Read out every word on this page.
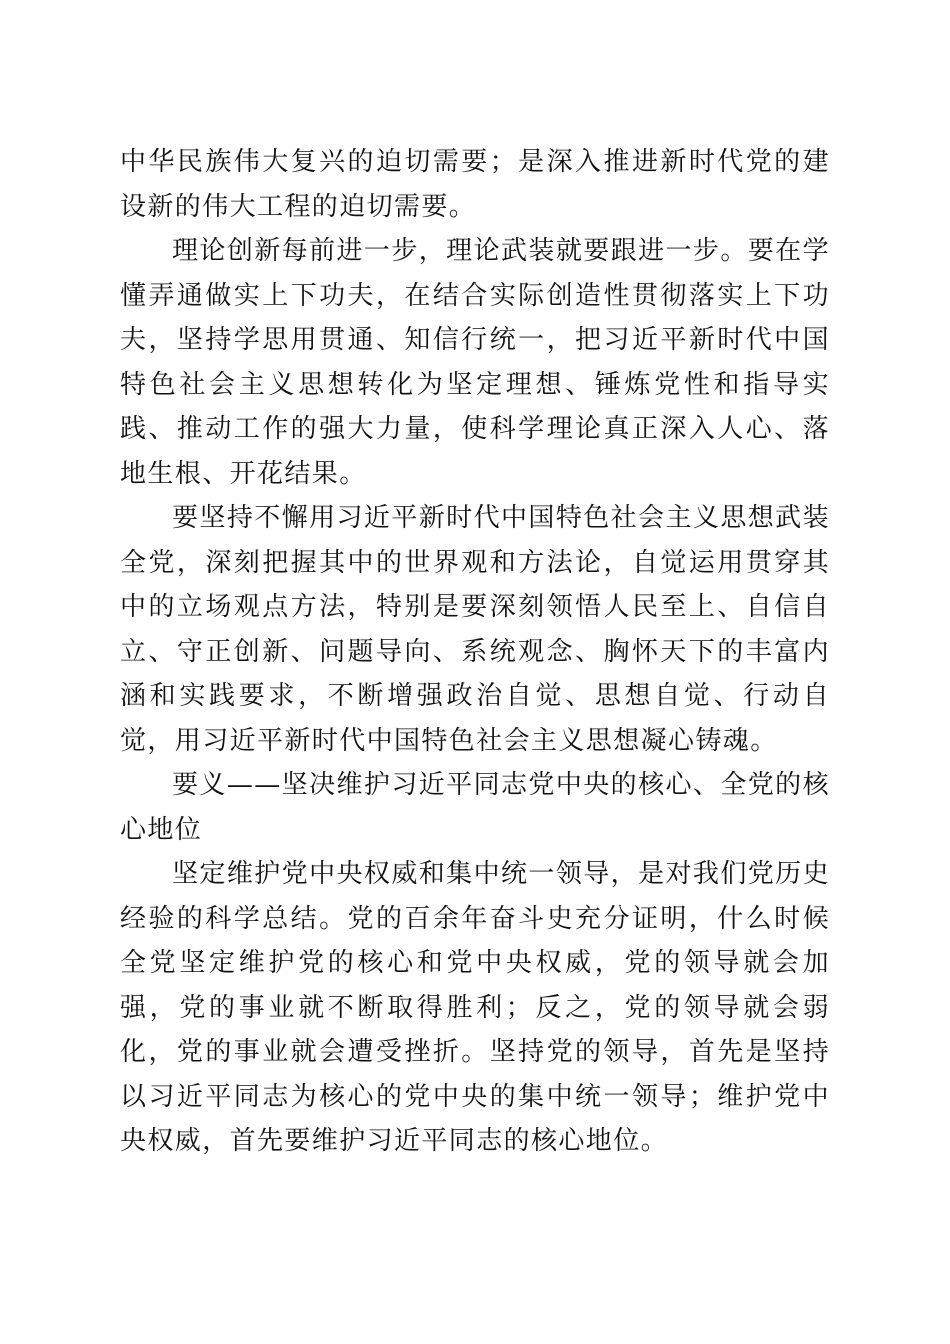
中华民族伟大复兴的迫切需要；是深入推进新时代党的建设新的伟大工程的迫切需要。

理论创新每前进一步，理论武装就要跟进一步。要在学懂弄通做实上下功夫，在结合实际创造性贯彻落实上下功夫，坚持学思用贯通、知信行统一，把习近平新时代中国特色社会主义思想转化为坚定理想、锤炼党性和指导实践、推动工作的强大力量，使科学理论真正深入人心、落地生根、开花结果。

要坚持不懈用习近平新时代中国特色社会主义思想武装全党，深刻把握其中的世界观和方法论，自觉运用贯穿其中的立场观点方法，特别是要深刻领悟人民至上、自信自立、守正创新、问题导向、系统观念、胸怀天下的丰富内涵和实践要求，不断增强政治自觉、思想自觉、行动自觉，用习近平新时代中国特色社会主义思想凝心铸魂。

要义——坚决维护习近平同志党中央的核心、全党的核心地位

坚定维护党中央权威和集中统一领导，是对我们党历史经验的科学总结。党的百余年奋斗史充分证明，什么时候全党坚定维护党的核心和党中央权威，党的领导就会加强，党的事业就不断取得胜利；反之，党的领导就会弱化，党的事业就会遭受挫折。坚持党的领导，首先是坚持以习近平同志为核心的党中央的集中统一领导；维护党中央权威，首先要维护习近平同志的核心地位。
